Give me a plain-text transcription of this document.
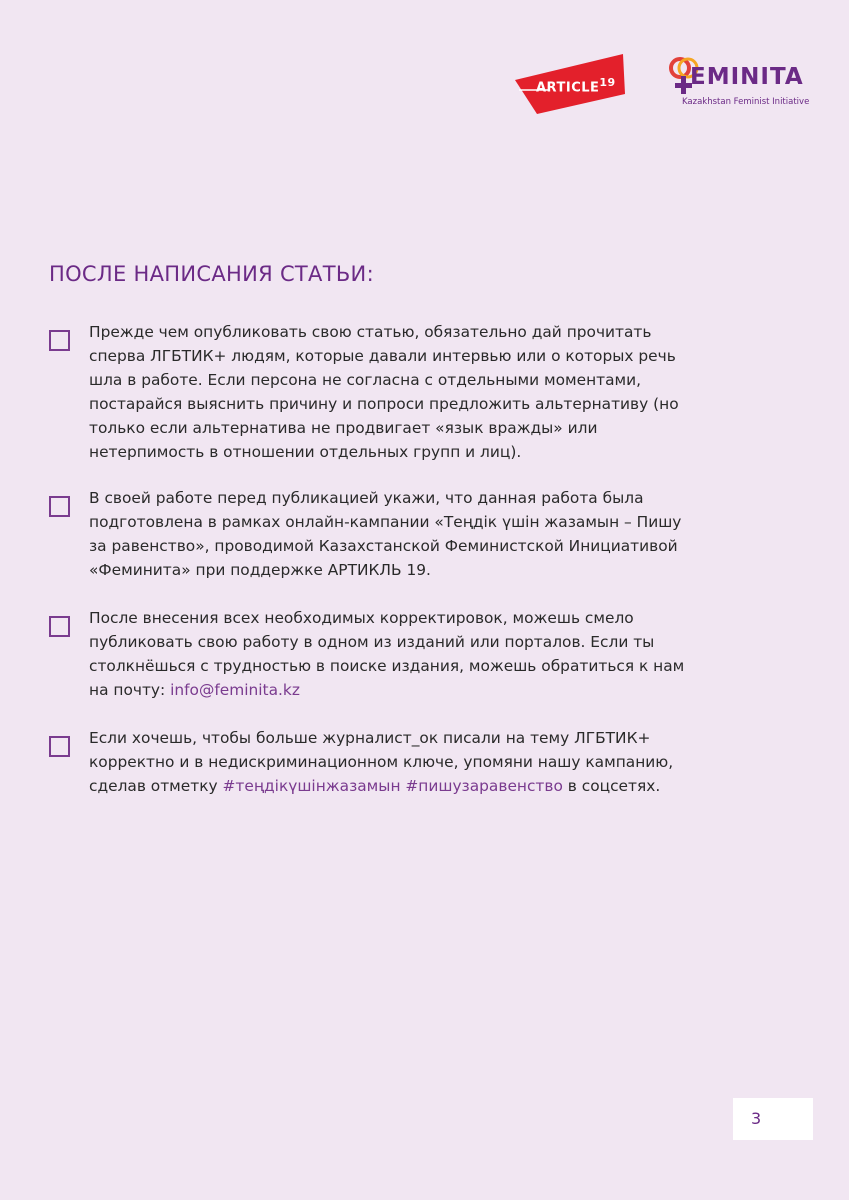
ARTICLE$^{19}$	EMINITA
Kazakhstan Feminist Initiative
ПОСЛЕ НАПИСАНИЯ СТАТЬИ:
Прежде чем опубликовать свою статью, обязательно дай прочитать сперва ЛГБТИК+ людям, которые давали интервью или о которых речь шла в работе. Если персона не согласна с отдельными моментами, постарайся выяснить причину и попроси предложить альтернативу (но только если альтернатива не продвигает «язык вражды» или нетерпимость в отношении отдельных групп и лиц).
В своей работе перед публикацией укажи, что данная работа была подготовлена в рамках онлайн-кампании «Теңдік үшін жазамын – Пишу за равенство», проводимой Казахстанской Феминистской Инициативой «Феминита» при поддержке АРТИКЛЬ 19.
После внесения всех необходимых корректировок, можешь смело публиковать свою работу в одном из изданий или порталов. Если ты столкнёшься с трудностью в поиске издания, можешь обратиться к нам на почту: info@feminita.kz
Если хочешь, чтобы больше журналист_ок писали на тему ЛГБТИК+ корректно и в недискриминационном ключе, упомяни нашу кампанию, сделав отметку #теңдікүшінжазамын #пишузаравенство в соцсетях.
3
